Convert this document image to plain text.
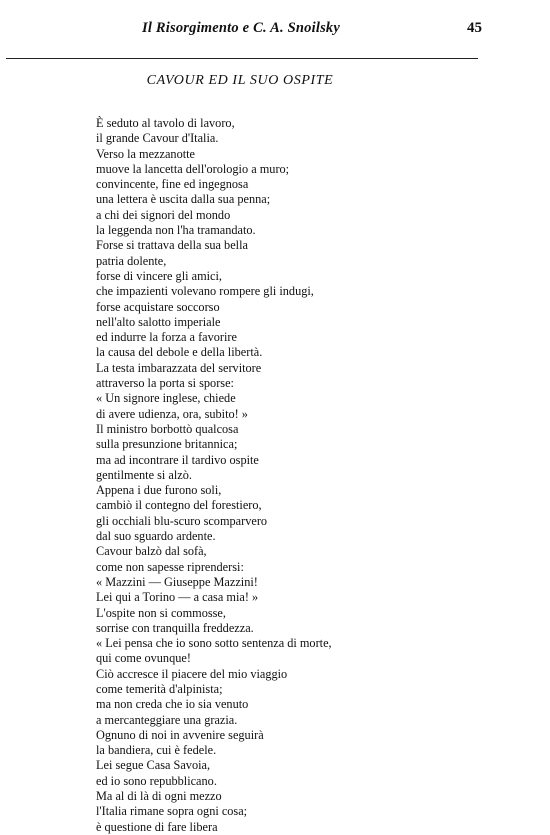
Il Risorgimento e C. A. Snoilsky	45
CAVOUR ED IL SUO OSPITE
È seduto al tavolo di lavoro,
il grande Cavour d'Italia.
Verso la mezzanotte
muove la lancetta dell'orologio a muro;
convincente, fine ed ingegnosa
una lettera è uscita dalla sua penna;
a chi dei signori del mondo
la leggenda non l'ha tramandato.
Forse si trattava della sua bella
patria dolente,
forse di vincere gli amici,
che impazienti volevano rompere gli indugi,
forse acquistare soccorso
nell'alto salotto imperiale
ed indurre la forza a favorire
la causa del debole e della libertà.
La testa imbarazzata del servitore
attraverso la porta si sporse:
« Un signore inglese, chiede
di avere udienza, ora, subito! »
Il ministro borbottò qualcosa
sulla presunzione britannica;
ma ad incontrare il tardivo ospite
gentilmente si alzò.
Appena i due furono soli,
cambiò il contegno del forestiero,
gli occhiali blu-scuro scomparvero
dal suo sguardo ardente.
Cavour balzò dal sofà,
come non sapesse riprendersi:
« Mazzini — Giuseppe Mazzini!
Lei qui a Torino — a casa mia! »
L'ospite non si commosse,
sorrise con tranquilla freddezza.
« Lei pensa che io sono sotto sentenza di morte,
qui come ovunque!
Ciò accresce il piacere del mio viaggio
come temerità d'alpinista;
ma non creda che io sia venuto
a mercanteggiare una grazia.
Ognuno di noi in avvenire seguirà
la bandiera, cui è fedele.
Lei segue Casa Savoia,
ed io sono repubblicano.
Ma al di là di ogni mezzo
l'Italia rimane sopra ogni cosa;
è questione di fare libera
